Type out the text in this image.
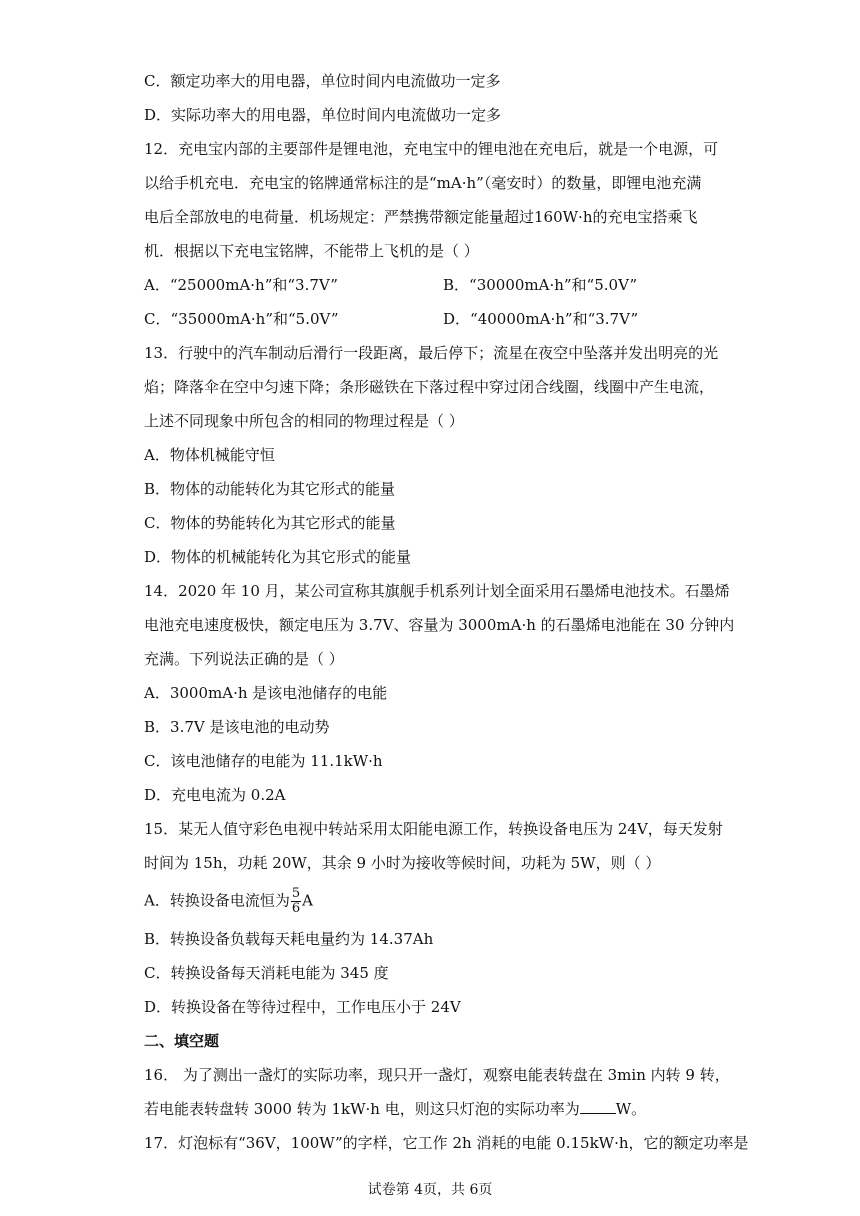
C．额定功率大的用电器，单位时间内电流做功一定多
D．实际功率大的用电器，单位时间内电流做功一定多
12．充电宝内部的主要部件是锂电池，充电宝中的锂电池在充电后，就是一个电源，可
以给手机充电．充电宝的铭牌通常标注的是“mA·h”（毫安时）的数量，即锂电池充满
电后全部放电的电荷量．机场规定：严禁携带额定能量超过160W·h的充电宝搭乘飞
机．根据以下充电宝铭牌，不能带上飞机的是（ ）
A．“25000mA·h”和“3.7V”	B．“30000mA·h”和“5.0V”
C．“35000mA·h”和“5.0V”	D．“40000mA·h”和“3.7V”
13．行驶中的汽车制动后滑行一段距离，最后停下；流星在夜空中坠落并发出明亮的光
焰；降落伞在空中匀速下降；条形磁铁在下落过程中穿过闭合线圈，线圈中产生电流，
上述不同现象中所包含的相同的物理过程是（ ）
A．物体机械能守恒
B．物体的动能转化为其它形式的能量
C．物体的势能转化为其它形式的能量
D．物体的机械能转化为其它形式的能量
14．2020 年 10 月，某公司宣称其旗舰手机系列计划全面采用石墨烯电池技术。石墨烯
电池充电速度极快，额定电压为 3.7V、容量为 3000mA·h 的石墨烯电池能在 30 分钟内
充满。下列说法正确的是（ ）
A．3000mA·h 是该电池储存的电能
B．3.7V 是该电池的电动势
C．该电池储存的电能为 11.1kW·h
D．充电电流为 0.2A
15．某无人值守彩色电视中转站采用太阳能电源工作，转换设备电压为 24V，每天发射
时间为 15h，功耗 20W，其余 9 小时为接收等候时间，功耗为 5W，则（ ）
A．转换设备电流恒为 $\frac{5}{6}$ A
B．转换设备负载每天耗电量约为 14.37Ah
C．转换设备每天消耗电能为 345 度
D．转换设备在等待过程中，工作电压小于 24V
二、填空题
16． 为了测出一盏灯的实际功率，现只开一盏灯，观察电能表转盘在 3min 内转 9 转，
若电能表转盘转 3000 转为 1kW·h 电，则这只灯泡的实际功率为 W。
17．灯泡标有“36V，100W”的字样，它工作 2h 消耗的电能 0.15kW·h，它的额定功率是
试卷第 4页，共 6页
